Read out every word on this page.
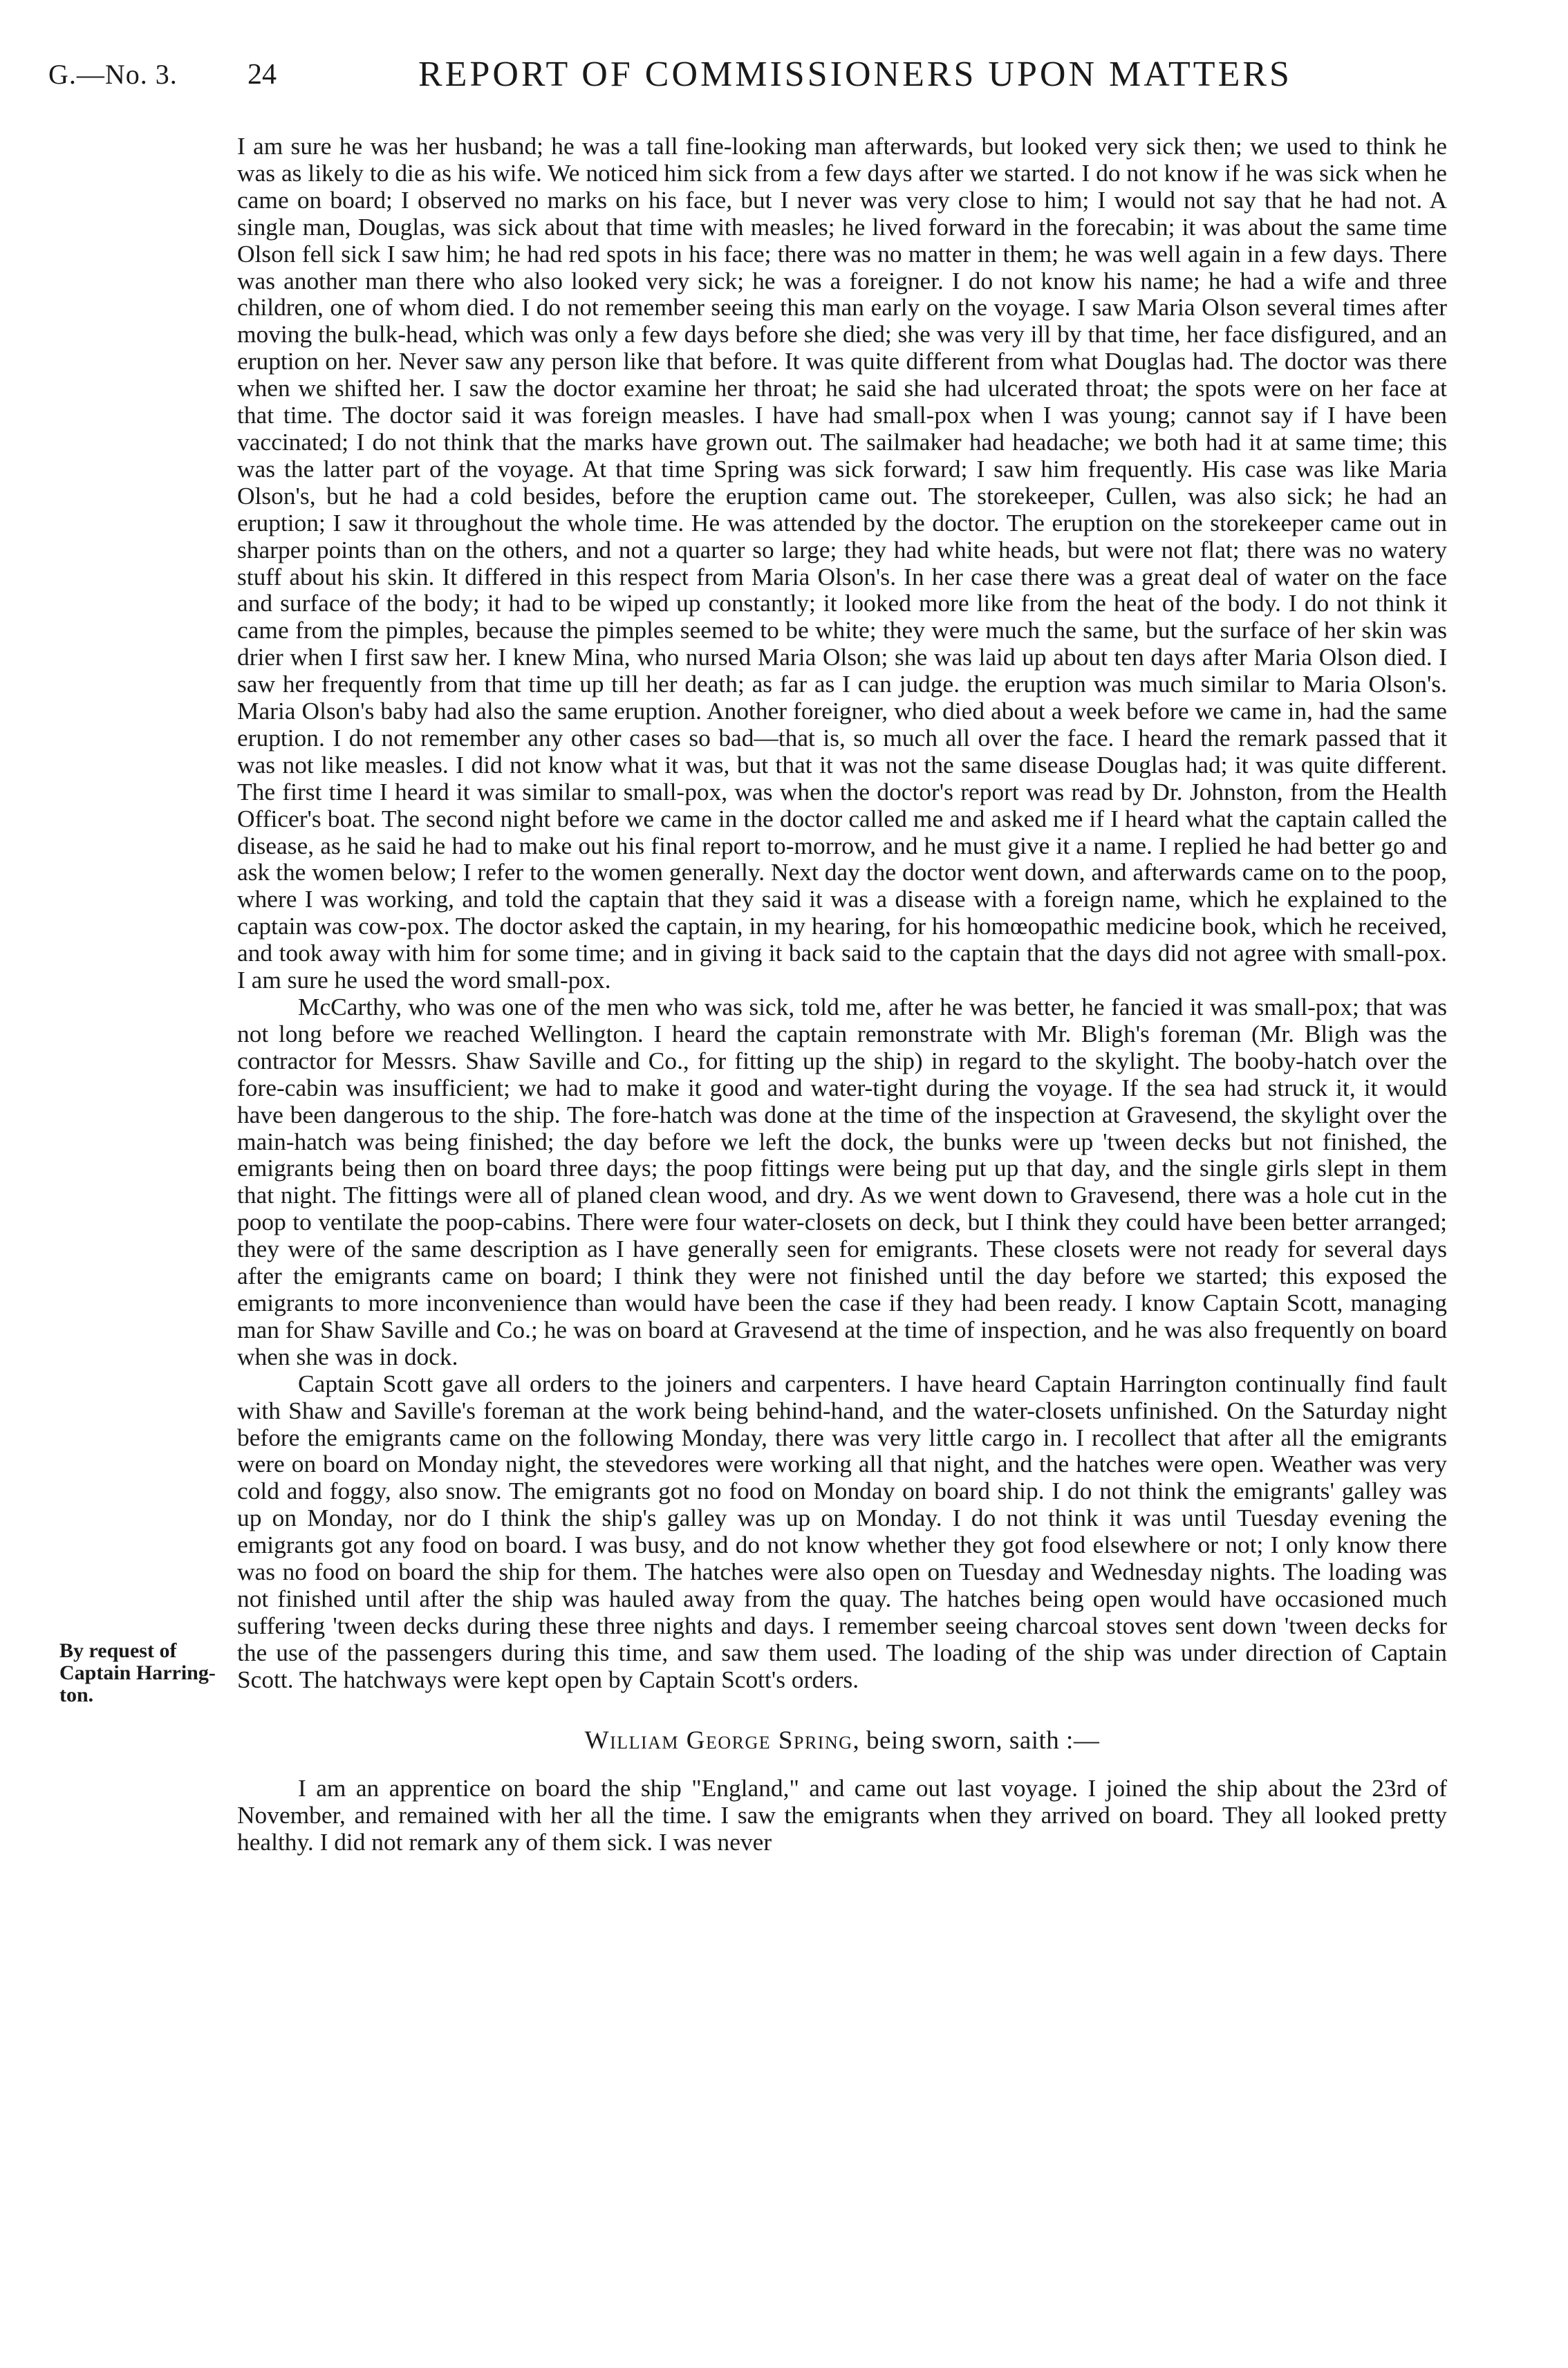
G.—No. 3. 24	REPORT OF COMMISSIONERS UPON MATTERS
By request of
Captain Harring-
ton.

I am sure he was her husband; he was a tall fine-looking man afterwards, but looked very sick then; we used to think he was as likely to die as his wife. We noticed him sick from a few days after we started. I do not know if he was sick when he came on board; I observed no marks on his face, but I never was very close to him; I would not say that he had not. A single man, Douglas, was sick about that time with measles; he lived forward in the forecabin; it was about the same time Olson fell sick I saw him; he had red spots in his face; there was no matter in them; he was well again in a few days. There was another man there who also looked very sick; he was a foreigner. I do not know his name; he had a wife and three children, one of whom died. I do not remember seeing this man early on the voyage. I saw Maria Olson several times after moving the bulk-head, which was only a few days before she died; she was very ill by that time, her face disfigured, and an eruption on her. Never saw any person like that before. It was quite different from what Douglas had. The doctor was there when we shifted her. I saw the doctor examine her throat; he said she had ulcerated throat; the spots were on her face at that time. The doctor said it was foreign measles. I have had small-pox when I was young; cannot say if I have been vaccinated; I do not think that the marks have grown out. The sailmaker had headache; we both had it at same time; this was the latter part of the voyage. At that time Spring was sick forward; I saw him frequently. His case was like Maria Olson's, but he had a cold besides, before the eruption came out. The storekeeper, Cullen, was also sick; he had an eruption; I saw it throughout the whole time. He was attended by the doctor. The eruption on the storekeeper came out in sharper points than on the others, and not a quarter so large; they had white heads, but were not flat; there was no watery stuff about his skin. It differed in this respect from Maria Olson's. In her case there was a great deal of water on the face and surface of the body; it had to be wiped up constantly; it looked more like from the heat of the body. I do not think it came from the pimples, because the pimples seemed to be white; they were much the same, but the surface of her skin was drier when I first saw her. I knew Mina, who nursed Maria Olson; she was laid up about ten days after Maria Olson died. I saw her frequently from that time up till her death; as far as I can judge. the eruption was much similar to Maria Olson's. Maria Olson's baby had also the same eruption. Another foreigner, who died about a week before we came in, had the same eruption. I do not remember any other cases so bad—that is, so much all over the face. I heard the remark passed that it was not like measles. I did not know what it was, but that it was not the same disease Douglas had; it was quite different. The first time I heard it was similar to small-pox, was when the doctor's report was read by Dr. Johnston, from the Health Officer's boat. The second night before we came in the doctor called me and asked me if I heard what the captain called the disease, as he said he had to make out his final report to-morrow, and he must give it a name. I replied he had better go and ask the women below; I refer to the women generally. Next day the doctor went down, and afterwards came on to the poop, where I was working, and told the captain that they said it was a disease with a foreign name, which he explained to the captain was cow-pox. The doctor asked the captain, in my hearing, for his homœopathic medicine book, which he received, and took away with him for some time; and in giving it back said to the captain that the days did not agree with small-pox. I am sure he used the word small-pox.

McCarthy, who was one of the men who was sick, told me, after he was better, he fancied it was small-pox; that was not long before we reached Wellington. I heard the captain remonstrate with Mr. Bligh's foreman (Mr. Bligh was the contractor for Messrs. Shaw Saville and Co., for fitting up the ship) in regard to the skylight. The booby-hatch over the fore-cabin was insufficient; we had to make it good and water-tight during the voyage. If the sea had struck it, it would have been dangerous to the ship. The fore-hatch was done at the time of the inspection at Gravesend, the skylight over the main-hatch was being finished; the day before we left the dock, the bunks were up 'tween decks but not finished, the emigrants being then on board three days; the poop fittings were being put up that day, and the single girls slept in them that night. The fittings were all of planed clean wood, and dry. As we went down to Gravesend, there was a hole cut in the poop to ventilate the poop-cabins. There were four water-closets on deck, but I think they could have been better arranged; they were of the same description as I have generally seen for emigrants. These closets were not ready for several days after the emigrants came on board; I think they were not finished until the day before we started; this exposed the emigrants to more inconvenience than would have been the case if they had been ready. I know Captain Scott, managing man for Shaw Saville and Co.; he was on board at Gravesend at the time of inspection, and he was also frequently on board when she was in dock.

Captain Scott gave all orders to the joiners and carpenters. I have heard Captain Harrington continually find fault with Shaw and Saville's foreman at the work being behind-hand, and the water-closets unfinished. On the Saturday night before the emigrants came on the following Monday, there was very little cargo in. I recollect that after all the emigrants were on board on Monday night, the stevedores were working all that night, and the hatches were open. Weather was very cold and foggy, also snow. The emigrants got no food on Monday on board ship. I do not think the emigrants' galley was up on Monday, nor do I think the ship's galley was up on Monday. I do not think it was until Tuesday evening the emigrants got any food on board. I was busy, and do not know whether they got food elsewhere or not; I only know there was no food on board the ship for them. The hatches were also open on Tuesday and Wednesday nights. The loading was not finished until after the ship was hauled away from the quay. The hatches being open would have occasioned much suffering 'tween decks during these three nights and days. I remember seeing charcoal stoves sent down 'tween decks for the use of the passengers during this time, and saw them used. The loading of the ship was under direction of Captain Scott. The hatchways were kept open by Captain Scott's orders.

William George Spring, being sworn, saith :—

I am an apprentice on board the ship "England," and came out last voyage. I joined the ship about the 23rd of November, and remained with her all the time. I saw the emigrants when they arrived on board. They all looked pretty healthy. I did not remark any of them sick. I was never
